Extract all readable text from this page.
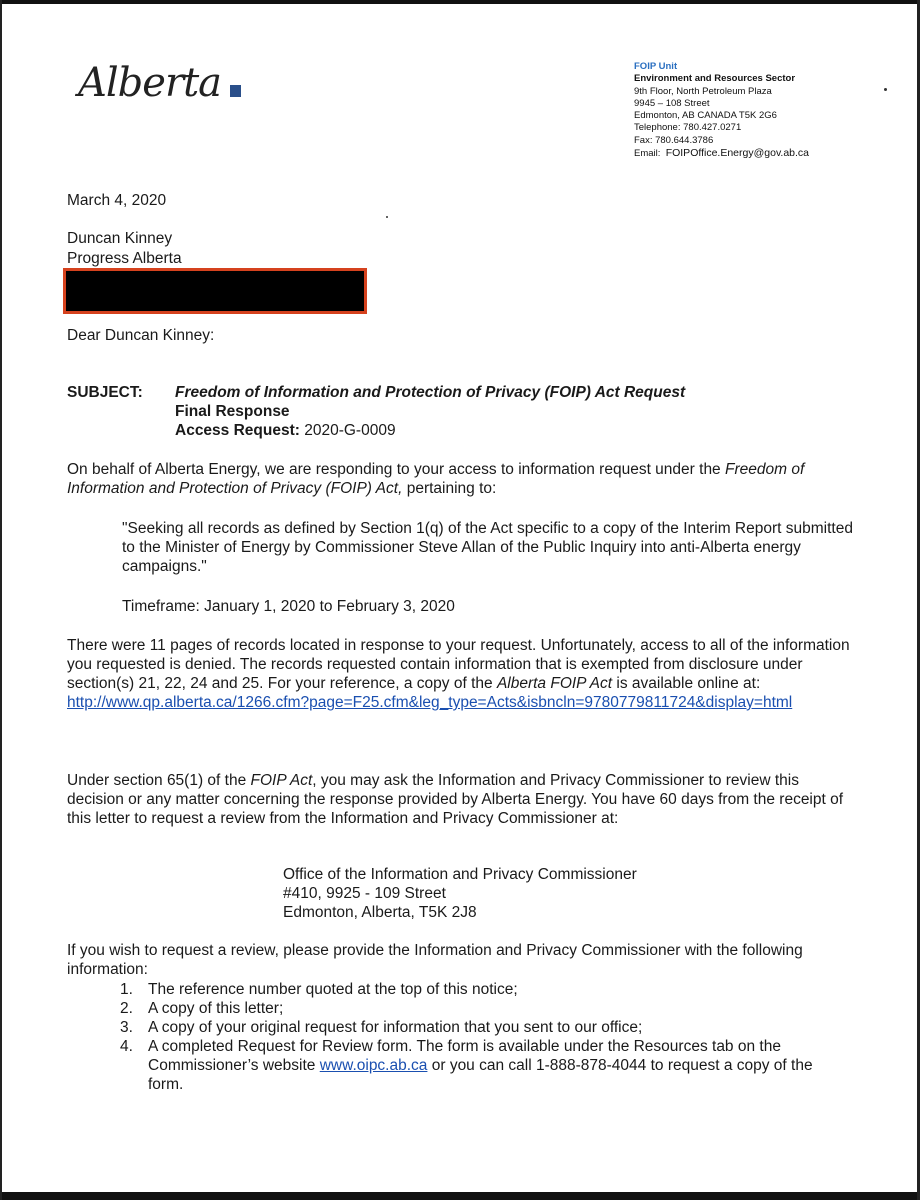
Alberta	FOIP Unit
Environment and Resources Sector
9th Floor, North Petroleum Plaza
9945 – 108 Street
Edmonton, AB CANADA T5K 2G6
Telephone: 780.427.0271
Fax: 780.644.3786
Email: FOIPOffice.Energy@gov.ab.ca
March 4, 2020
Duncan Kinney
Progress Alberta
Dear Duncan Kinney:
SUBJECT: Freedom of Information and Protection of Privacy (FOIP) Act Request
Final Response
Access Request: 2020-G-0009
On behalf of Alberta Energy, we are responding to your access to information request under the Freedom of Information and Protection of Privacy (FOIP) Act, pertaining to:
"Seeking all records as defined by Section 1(q) of the Act specific to a copy of the Interim Report submitted to the Minister of Energy by Commissioner Steve Allan of the Public Inquiry into anti-Alberta energy campaigns."
Timeframe: January 1, 2020 to February 3, 2020
There were 11 pages of records located in response to your request. Unfortunately, access to all of the information you requested is denied. The records requested contain information that is exempted from disclosure under section(s) 21, 22, 24 and 25. For your reference, a copy of the Alberta FOIP Act is available online at:
http://www.qp.alberta.ca/1266.cfm?page=F25.cfm&leg_type=Acts&isbncln=9780779811724&display=html
Under section 65(1) of the FOIP Act, you may ask the Information and Privacy Commissioner to review this decision or any matter concerning the response provided by Alberta Energy. You have 60 days from the receipt of this letter to request a review from the Information and Privacy Commissioner at:
Office of the Information and Privacy Commissioner
#410, 9925 - 109 Street
Edmonton, Alberta, T5K 2J8
If you wish to request a review, please provide the Information and Privacy Commissioner with the following information:
1. The reference number quoted at the top of this notice;
2. A copy of this letter;
3. A copy of your original request for information that you sent to our office;
4. A completed Request for Review form. The form is available under the Resources tab on the Commissioner’s website www.oipc.ab.ca or you can call 1-888-878-4044 to request a copy of the form.
